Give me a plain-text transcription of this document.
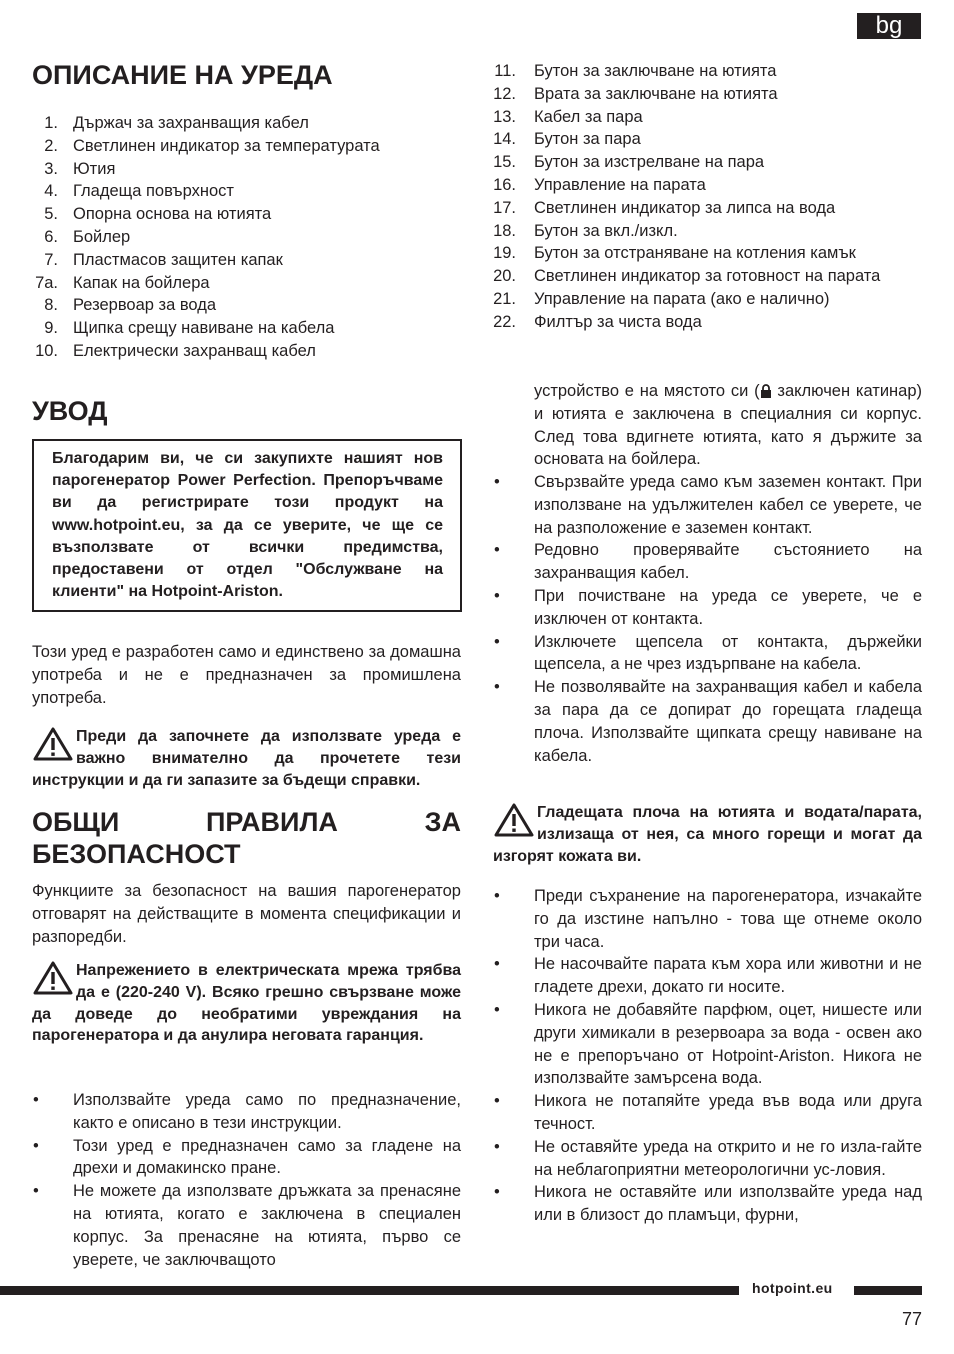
bg
ОПИСАНИЕ НА УРЕДА
1. Държач за захранващия кабел
2. Светлинен индикатор за температурата
3. Ютия
4. Гладеща повърхност
5. Опорна основа на ютията
6. Бойлер
7. Пластмасов защитен капак
7а. Капак на бойлера
8. Резервоар за вода
9. Щипка срещу навиване на кабела
10. Електрически захранващ кабел
УВОД
Благодарим ви, че си закупихте нашият нов парогенератор Power Perfection. Препоръчваме ви да регистрирате този продукт на www.hotpoint.eu, за да се уверите, че ще се възползвате от всички предимства, предоставени от отдел "Обслужване на клиенти" на Hotpoint-Ariston.
Този уред е разработен само и единствено за домашна употреба и не е предназначен за промишлена употреба.
Преди да започнете да използвате уреда е важно внимателно да прочетете тези инструкции и да ги запазите за бъдещи справки.
ОБЩИ	ПРАВИЛА	ЗА
БЕЗОПАСНОСТ
Функциите за безопасност на вашия парогенератор отговарят на действащите в момента спецификации и разпоредби.
Напрежението в електрическата мрежа трябва да е (220-240 V). Всяко грешно свързване може да доведе до необратими увреждания на парогенератора и да анулира неговата гаранция.
• Използвайте уреда само по предназначение, както е описано в тези инструкции.
• Този уред е предназначен само за гладене на дрехи и домакинско пране.
• Не можете да използвате дръжката за пренасяне на ютията, когато е заключена в специален корпус. За пренасяне на ютията, първо се уверете, че заключващото
11. Бутон за заключване на ютията
12. Врата за заключване на ютията
13. Кабел за пара
14. Бутон за пара
15. Бутон за изстрелване на пара
16. Управление на парата
17. Светлинен индикатор за липса на вода
18. Бутон за вкл./изкл.
19. Бутон за отстраняване на котления камък
20. Светлинен индикатор за готовност на парата
21. Управление на парата (ако е налично)
22. Филтър за чиста вода
устройство е на мястото си ( заключен катинар) и ютията е заключена в специалния си корпус. След това вдигнете ютията, като я държите за основата на бойлера.
• Свързвайте уреда само към заземен контакт. При използване на удължителен кабел се уверете, че на разположение е заземен контакт.
• Редовно проверявайте състоянието на захранващия кабел.
• При почистване на уреда се уверете, че е изключен от контакта.
• Изключете щепсела от контакта, държейки щепсела, а не чрез издърпване на кабела.
• Не позволявайте на захранващия кабел и кабела за пара да се допират до горещата гладеща плоча. Използвайте щипката срещу навиване на кабела.
Гладещата плоча на ютията и водата/парата, излизаща от нея, са много горещи и могат да изгорят кожата ви.
• Преди съхранение на парогенератора, изчакайте го да изстине напълно - това ще отнеме около три часа.
• Не насочвайте парата към хора или животни и не гладете дрехи, докато ги носите.
• Никога не добавяйте парфюм, оцет, нишесте или други химикали в резервоара за вода - освен ако не е препоръчано от Hotpoint-Ariston. Никога не използвайте замърсена вода.
• Никога не потапяйте уреда във вода или друга течност.
• Не оставяйте уреда на открито и не го изла-гайте на неблагоприятни метеорологични ус-ловия.
• Никога не оставяйте или използвайте уреда над или в близост до пламъци, фурни,
hotpoint.eu
77
